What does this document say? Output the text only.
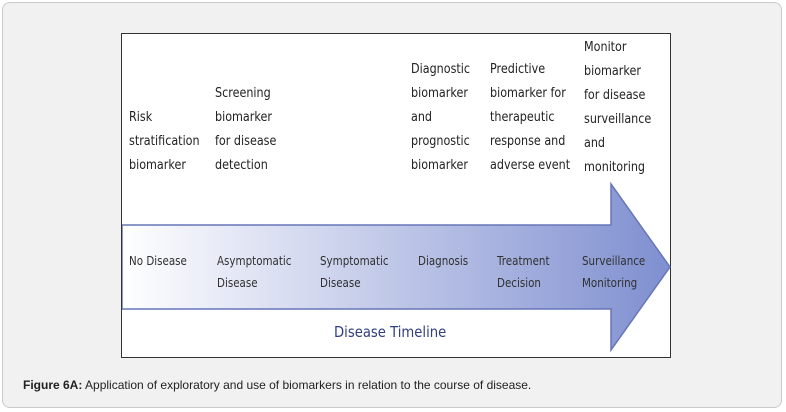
Risk
stratification
biomarker
Screening
biomarker
for disease
detection
Diagnostic
biomarker
and
prognostic
biomarker
Predictive
biomarker for
therapeutic
response and
adverse event
Monitor
biomarker
for disease
surveillance
and
monitoring
No Disease	Asymptomatic
Disease
Symptomatic
Disease
Diagnosis Treatment
Decision
Surveillance
Monitoring
Disease Timeline
Figure 6A: Application of exploratory and use of biomarkers in relation to the course of disease.
